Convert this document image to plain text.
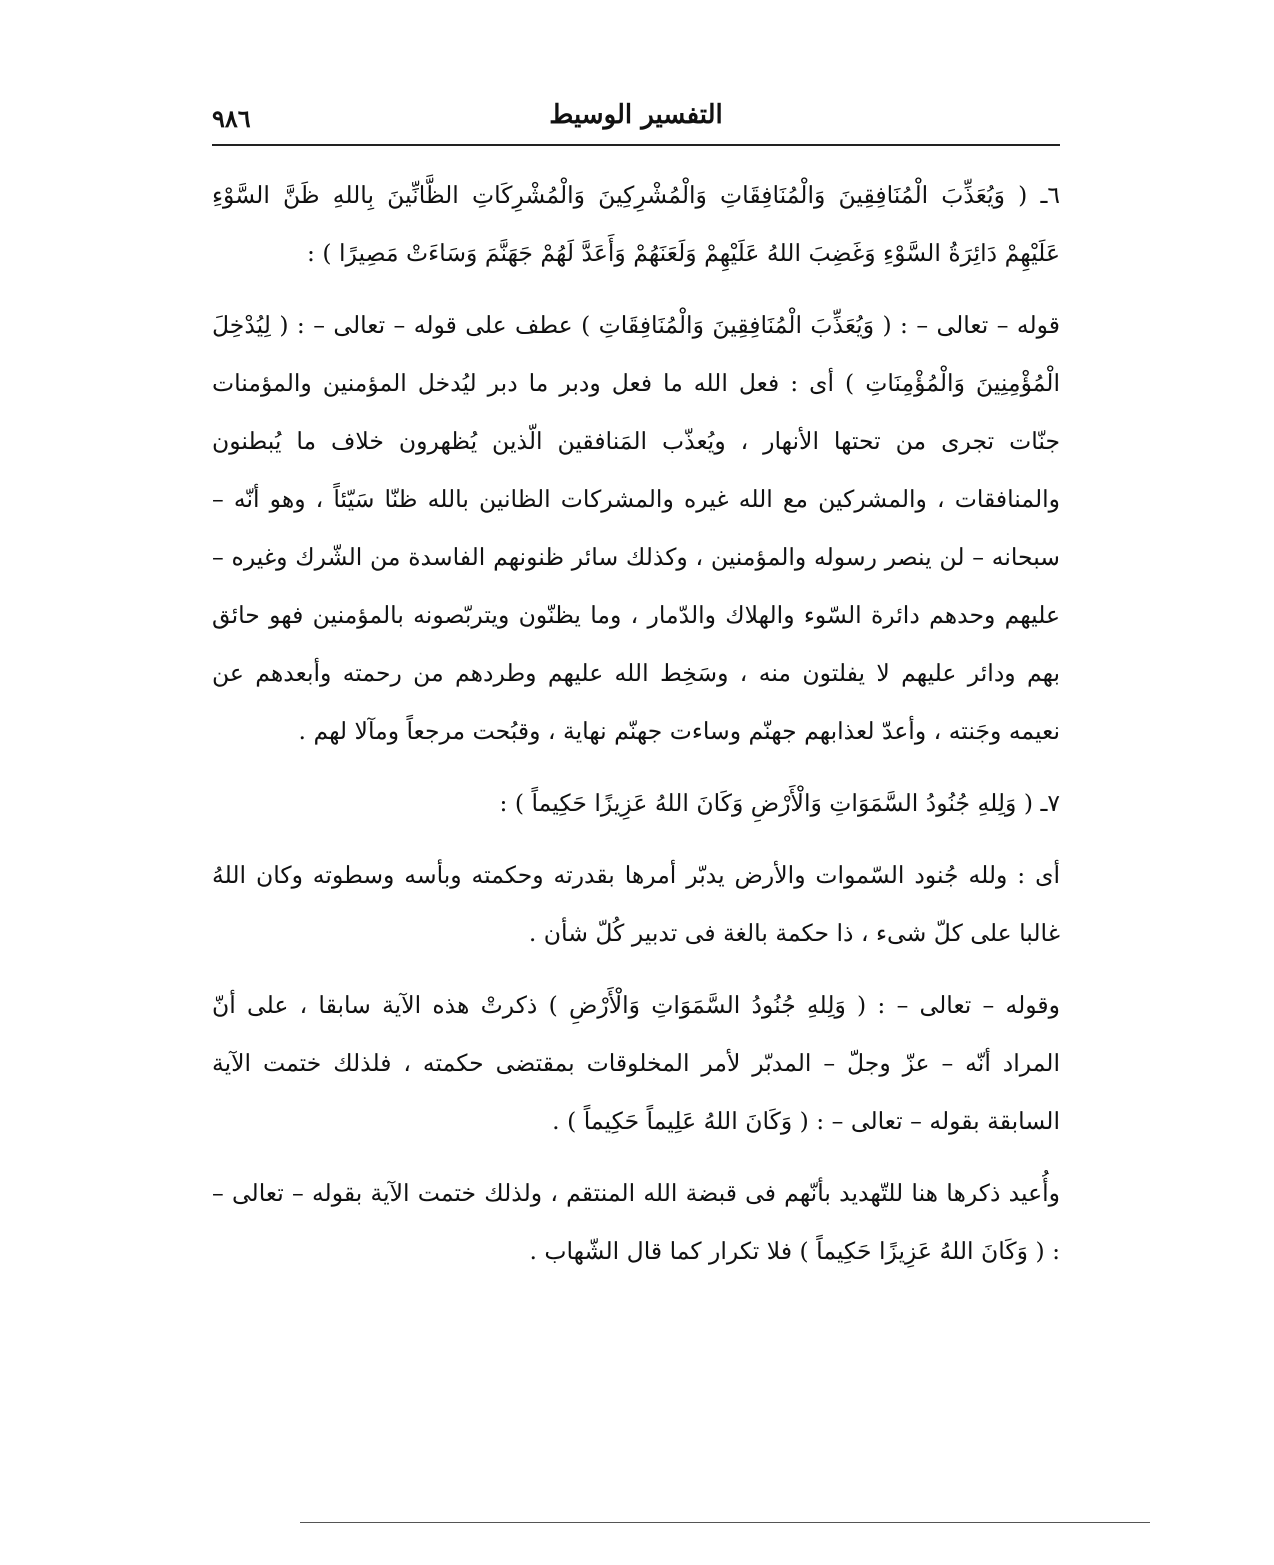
٩٨٦	التفسير الوسيط

٦ـ ( وَيُعَذِّبَ الْمُنَافِقِينَ وَالْمُنَافِقَاتِ وَالْمُشْرِكِينَ وَالْمُشْرِكَاتِ الظَّانِّينَ بِاللهِ ظَنَّ السَّوْءِ عَلَيْهِمْ دَائِرَةُ السَّوْءِ وَغَضِبَ اللهُ عَلَيْهِمْ وَلَعَنَهُمْ وَأَعَدَّ لَهُمْ جَهَنَّمَ وَسَاءَتْ مَصِيرًا ) :

قوله – تعالى – : ( وَيُعَذِّبَ الْمُنَافِقِينَ وَالْمُنَافِقَاتِ ) عطف على قوله – تعالى – : ( لِيُدْخِلَ الْمُؤْمِنِينَ وَالْمُؤْمِنَاتِ ) أى : فعل الله ما فعل ودبر ما دبر ليُدخل المؤمنين والمؤمنات جنّات تجرى من تحتها الأنهار ، ويُعذّب المَنافقين الّذين يُظهرون خلاف ما يُبطنون والمنافقات ، والمشركين مع الله غيره والمشركات الظانين بالله ظنّا سَيّئاً ، وهو أنّه – سبحانه – لن ينصر رسوله والمؤمنين ، وكذلك سائر ظنونهم الفاسدة من الشّرك وغيره – عليهم وحدهم دائرة السّوء والهلاك والدّمار ، وما يظنّون ويتربّصونه بالمؤمنين فهو حائق بهم ودائر عليهم لا يفلتون منه ، وسَخِط الله عليهم وطردهم من رحمته وأبعدهم عن نعيمه وجَنته ، وأعدّ لعذابهم جهنّم وساءت جهنّم نهاية ، وقبُحت مرجعاً ومآلا لهم .

٧ـ ( وَلِلهِ جُنُودُ السَّمَوَاتِ وَالْأَرْضِ وَكَانَ اللهُ عَزِيزًا حَكِيماً ) :

أى : ولله جُنود السّموات والأرض يدبّر أمرها بقدرته وحكمته وبأسه وسطوته وكان اللهُ غالبا على كلّ شىء ، ذا حكمة بالغة فى تدبير كُلّ شأن .

وقوله – تعالى – : ( وَلِلهِ جُنُودُ السَّمَوَاتِ وَالْأَرْضِ ) ذكرتْ هذه الآية سابقا ، على أنّ المراد أنّه – عزّ وجلّ – المدبّر لأمر المخلوقات بمقتضى حكمته ، فلذلك ختمت الآية السابقة بقوله – تعالى – : ( وَكَانَ اللهُ عَلِيماً حَكِيماً ) .

وأُعيد ذكرها هنا للتّهديد بأنّهم فى قبضة الله المنتقم ، ولذلك ختمت الآية بقوله – تعالى – : ( وَكَانَ اللهُ عَزِيزًا حَكِيماً ) فلا تكرار كما قال الشّهاب .
